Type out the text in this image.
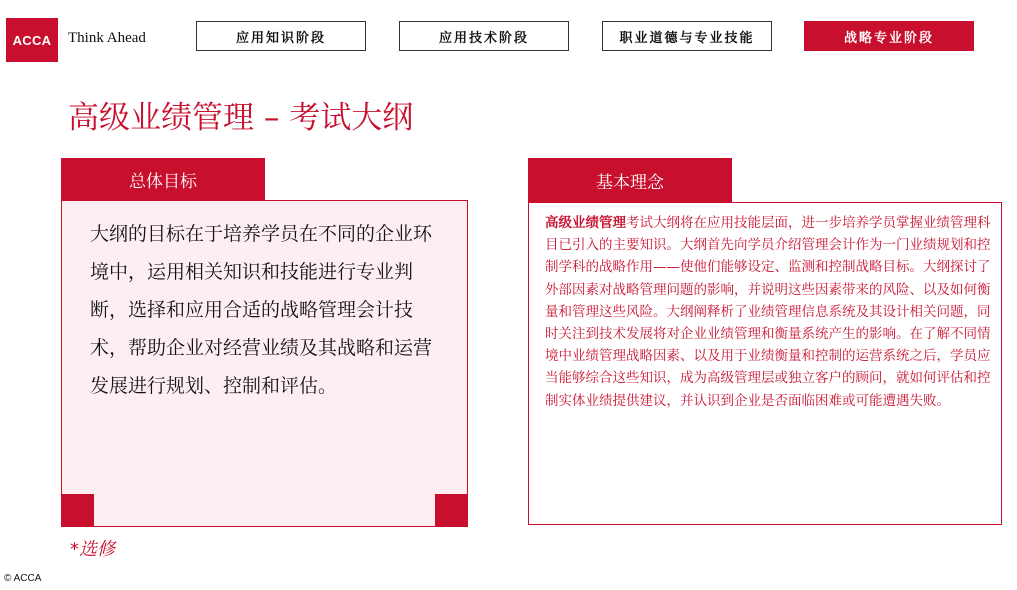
ACCA Think Ahead	应用知识阶段	应用技术阶段	职业道德与专业技能	战略专业阶段
高级业绩管理 – 考试大纲
总体目标
大纲的目标在于培养学员在不同的企业环境中，运用相关知识和技能进行专业判断，选择和应用合适的战略管理会计技术，帮助企业对经营业绩及其战略和运营发展进行规划、控制和评估。
基本理念
高级业绩管理考试大纲将在应用技能层面，进一步培养学员掌握业绩管理科目已引入的主要知识。大纲首先向学员介绍管理会计作为一门业绩规划和控制学科的战略作用——使他们能够设定、监测和控制战略目标。大纲探讨了外部因素对战略管理问题的影响，并说明这些因素带来的风险、以及如何衡量和管理这些风险。大纲阐释析了业绩管理信息系统及其设计相关问题，同时关注到技术发展将对企业业绩管理和衡量系统产生的影响。在了解不同情境中业绩管理战略因素、以及用于业绩衡量和控制的运营系统之后，学员应当能够综合这些知识，成为高级管理层或独立客户的顾问，就如何评估和控制实体业绩提供建议，并认识到企业是否面临困难或可能遭遇失败。
*选修
© ACCA
